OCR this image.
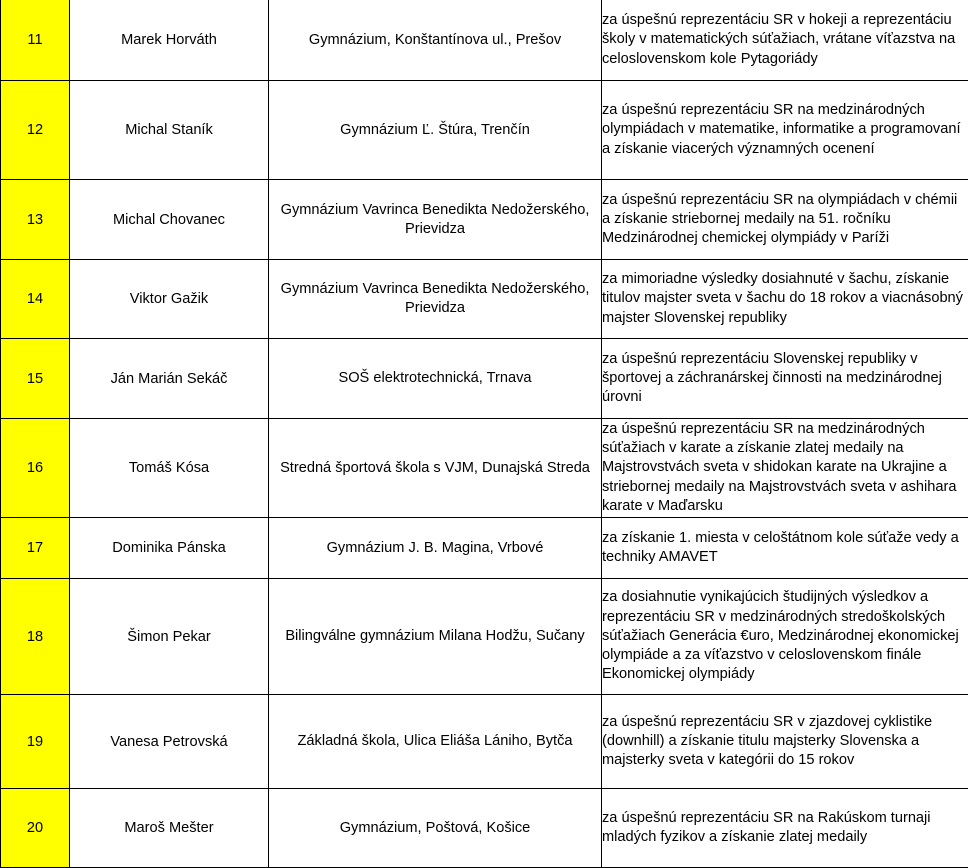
11	Marek Horváth	Gymnázium, Konštantínova ul., Prešov	za úspešnú reprezentáciu SR v hokeji a reprezentáciu školy v matematických súťažiach, vrátane víťazstva na celoslovenskom kole Pytagoriády
12	Michal Staník	Gymnázium Ľ. Štúra, Trenčín	za úspešnú reprezentáciu SR na medzinárodných olympiádach v matematike, informatike a programovaní a získanie viacerých významných ocenení
13	Michal Chovanec	Gymnázium Vavrinca Benedikta Nedožerského, Prievidza	za úspešnú reprezentáciu SR na olympiádach v chémii a získanie striebornej medaily na 51. ročníku Medzinárodnej chemickej olympiády v Paríži
14	Viktor Gažik	Gymnázium Vavrinca Benedikta Nedožerského, Prievidza	za mimoriadne výsledky dosiahnuté v šachu, získanie titulov majster sveta v šachu do 18 rokov a viacnásobný majster Slovenskej republiky
15	Ján Marián Sekáč	SOŠ elektrotechnická, Trnava	za úspešnú reprezentáciu Slovenskej republiky v športovej a záchranárskej činnosti na medzinárodnej úrovni
16	Tomáš Kósa	Stredná športová škola s VJM, Dunajská Streda	za úspešnú reprezentáciu SR na medzinárodných súťažiach v karate a získanie zlatej medaily na Majstrovstvách sveta v shidokan karate na Ukrajine a striebornej medaily na Majstrovstvách sveta v ashihara karate v Maďarsku
17	Dominika Pánska	Gymnázium J. B. Magina, Vrbové	za získanie 1. miesta v celoštátnom kole súťaže vedy a techniky AMAVET
18	Šimon Pekar	Bilingválne gymnázium Milana Hodžu, Sučany	za dosiahnutie vynikajúcich študijných výsledkov a reprezentáciu SR v medzinárodných stredoškolských súťažiach Generácia €uro, Medzinárodnej ekonomickej olympiáde a za víťazstvo v celoslovenskom finále Ekonomickej olympiády
19	Vanesa Petrovská	Základná škola, Ulica Eliáša Lániho, Bytča	za úspešnú reprezentáciu SR v zjazdovej cyklistike (downhill) a získanie titulu majsterky Slovenska a majsterky sveta v kategórii do 15 rokov
20	Maroš Mešter	Gymnázium, Poštová, Košice	za úspešnú reprezentáciu SR na Rakúskom turnaji mladých fyzikov a získanie zlatej medaily
